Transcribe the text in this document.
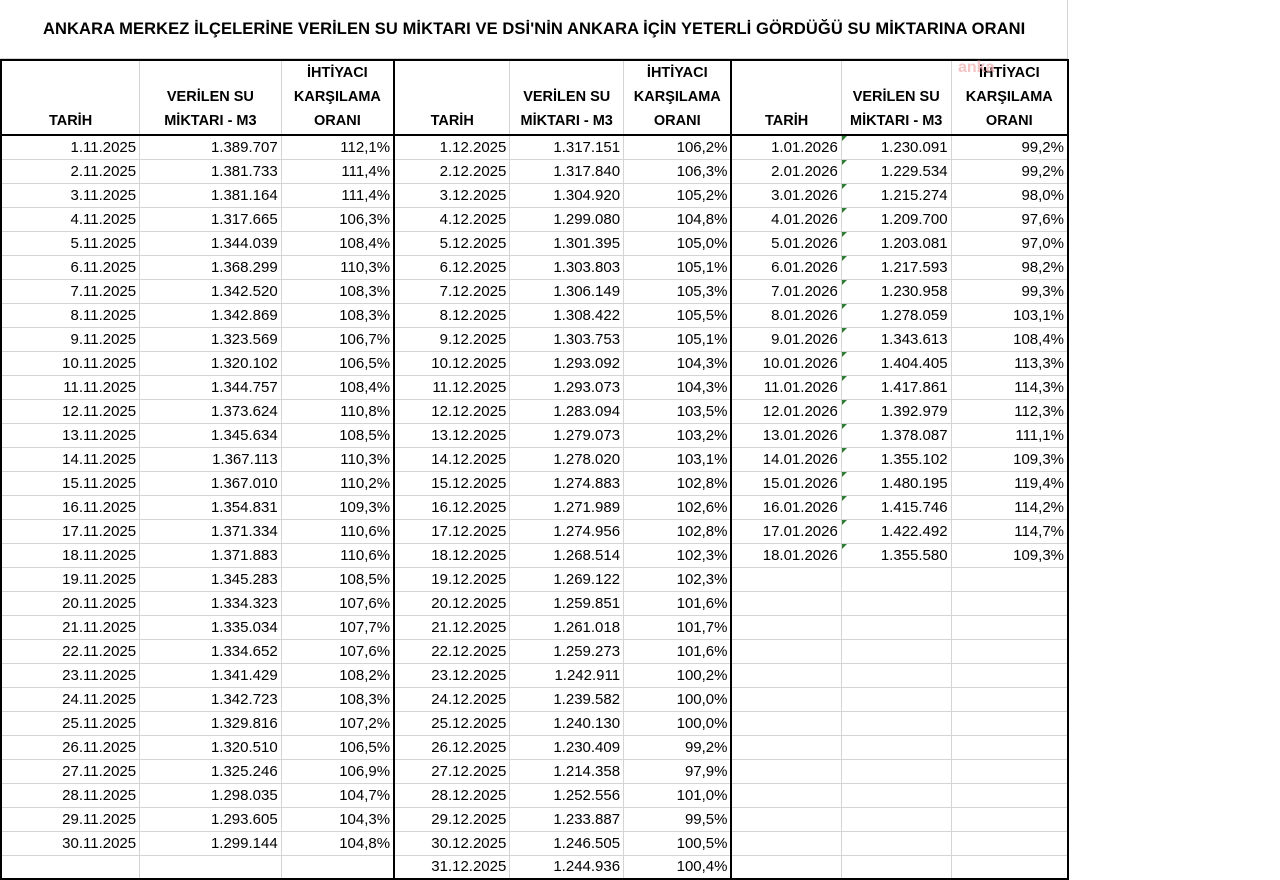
ANKARA MERKEZ İLÇELERİNE VERİLEN SU MİKTARI VE DSİ'NİN ANKARA İÇİN YETERLİ GÖRDÜĞÜ SU MİKTARINA ORANI
TARİH	VERİLEN SU MİKTARI - M3	İHTİYACI KARŞILAMA ORANI	TARİH	VERİLEN SU MİKTARI - M3	İHTİYACI KARŞILAMA ORANI	TARİH	VERİLEN SU MİKTARI - M3	İHTİYACI KARŞILAMA ORANI
1.11.2025	1.389.707	112,1%	1.12.2025	1.317.151	106,2%	1.01.2026	1.230.091	99,2%
2.11.2025	1.381.733	111,4%	2.12.2025	1.317.840	106,3%	2.01.2026	1.229.534	99,2%
3.11.2025	1.381.164	111,4%	3.12.2025	1.304.920	105,2%	3.01.2026	1.215.274	98,0%
4.11.2025	1.317.665	106,3%	4.12.2025	1.299.080	104,8%	4.01.2026	1.209.700	97,6%
5.11.2025	1.344.039	108,4%	5.12.2025	1.301.395	105,0%	5.01.2026	1.203.081	97,0%
6.11.2025	1.368.299	110,3%	6.12.2025	1.303.803	105,1%	6.01.2026	1.217.593	98,2%
7.11.2025	1.342.520	108,3%	7.12.2025	1.306.149	105,3%	7.01.2026	1.230.958	99,3%
8.11.2025	1.342.869	108,3%	8.12.2025	1.308.422	105,5%	8.01.2026	1.278.059	103,1%
9.11.2025	1.323.569	106,7%	9.12.2025	1.303.753	105,1%	9.01.2026	1.343.613	108,4%
10.11.2025	1.320.102	106,5%	10.12.2025	1.293.092	104,3%	10.01.2026	1.404.405	113,3%
11.11.2025	1.344.757	108,4%	11.12.2025	1.293.073	104,3%	11.01.2026	1.417.861	114,3%
12.11.2025	1.373.624	110,8%	12.12.2025	1.283.094	103,5%	12.01.2026	1.392.979	112,3%
13.11.2025	1.345.634	108,5%	13.12.2025	1.279.073	103,2%	13.01.2026	1.378.087	111,1%
14.11.2025	1.367.113	110,3%	14.12.2025	1.278.020	103,1%	14.01.2026	1.355.102	109,3%
15.11.2025	1.367.010	110,2%	15.12.2025	1.274.883	102,8%	15.01.2026	1.480.195	119,4%
16.11.2025	1.354.831	109,3%	16.12.2025	1.271.989	102,6%	16.01.2026	1.415.746	114,2%
17.11.2025	1.371.334	110,6%	17.12.2025	1.274.956	102,8%	17.01.2026	1.422.492	114,7%
18.11.2025	1.371.883	110,6%	18.12.2025	1.268.514	102,3%	18.01.2026	1.355.580	109,3%
19.11.2025	1.345.283	108,5%	19.12.2025	1.269.122	102,3%			
20.11.2025	1.334.323	107,6%	20.12.2025	1.259.851	101,6%			
21.11.2025	1.335.034	107,7%	21.12.2025	1.261.018	101,7%			
22.11.2025	1.334.652	107,6%	22.12.2025	1.259.273	101,6%			
23.11.2025	1.341.429	108,2%	23.12.2025	1.242.911	100,2%			
24.11.2025	1.342.723	108,3%	24.12.2025	1.239.582	100,0%			
25.11.2025	1.329.816	107,2%	25.12.2025	1.240.130	100,0%			
26.11.2025	1.320.510	106,5%	26.12.2025	1.230.409	99,2%			
27.11.2025	1.325.246	106,9%	27.12.2025	1.214.358	97,9%			
28.11.2025	1.298.035	104,7%	28.12.2025	1.252.556	101,0%			
29.11.2025	1.293.605	104,3%	29.12.2025	1.233.887	99,5%			
30.11.2025	1.299.144	104,8%	30.12.2025	1.246.505	100,5%			
			31.12.2025	1.244.936	100,4%			
anka
